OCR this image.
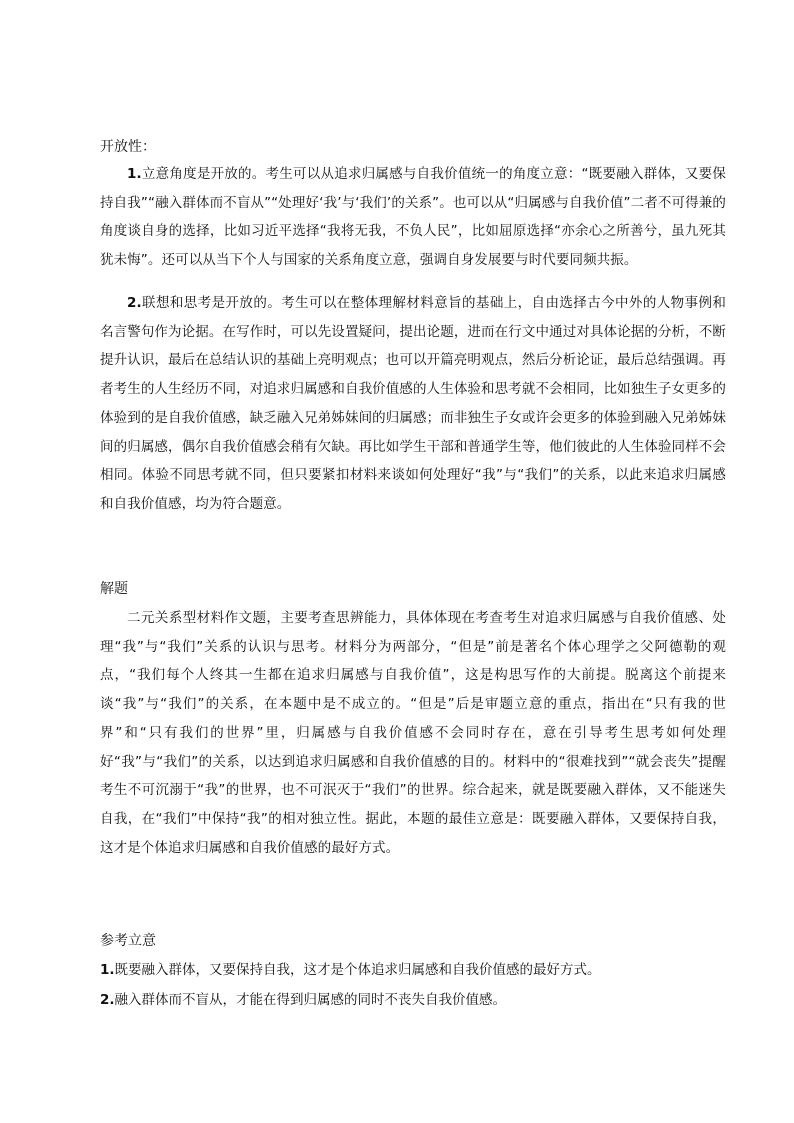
开放性：
1.立意角度是开放的。考生可以从追求归属感与自我价值统一的角度立意：“既要融入群体，又要保持自我”“融入群体而不盲从”“处理好‘我’与‘我们’的关系”。也可以从“归属感与自我价值”二者不可得兼的角度谈自身的选择，比如习近平选择“我将无我，不负人民”，比如屈原选择“亦余心之所善兮，虽九死其犹未悔”。还可以从当下个人与国家的关系角度立意，强调自身发展要与时代要同频共振。
2.联想和思考是开放的。考生可以在整体理解材料意旨的基础上，自由选择古今中外的人物事例和名言警句作为论据。在写作时，可以先设置疑问，提出论题，进而在行文中通过对具体论据的分析，不断提升认识，最后在总结认识的基础上亮明观点；也可以开篇亮明观点，然后分析论证，最后总结强调。再者考生的人生经历不同，对追求归属感和自我价值感的人生体验和思考就不会相同，比如独生子女更多的体验到的是自我价值感，缺乏融入兄弟姊妹间的归属感；而非独生子女或许会更多的体验到融入兄弟姊妹间的归属感，偶尔自我价值感会稍有欠缺。再比如学生干部和普通学生等，他们彼此的人生体验同样不会相同。体验不同思考就不同，但只要紧扣材料来谈如何处理好“我”与“我们”的关系，以此来追求归属感和自我价值感，均为符合题意。
解题
二元关系型材料作文题，主要考查思辨能力，具体体现在考查考生对追求归属感与自我价值感、处理“我”与“我们”关系的认识与思考。材料分为两部分，“但是”前是著名个体心理学之父阿德勒的观点，“我们每个人终其一生都在追求归属感与自我价值”，这是构思写作的大前提。脱离这个前提来谈“我”与“我们”的关系，在本题中是不成立的。“但是”后是审题立意的重点，指出在“只有我的世界”和“只有我们的世界”里，归属感与自我价值感不会同时存在，意在引导考生思考如何处理好“我”与“我们”的关系，以达到追求归属感和自我价值感的目的。材料中的“很难找到”“就会丧失”提醒考生不可沉溺于“我”的世界，也不可泯灭于“我们”的世界。综合起来，就是既要融入群体，又不能迷失自我，在“我们”中保持“我”的相对独立性。据此，本题的最佳立意是：既要融入群体，又要保持自我，这才是个体追求归属感和自我价值感的最好方式。
参考立意
1.既要融入群体，又要保持自我，这才是个体追求归属感和自我价值感的最好方式。
2.融入群体而不盲从，才能在得到归属感的同时不丧失自我价值感。
